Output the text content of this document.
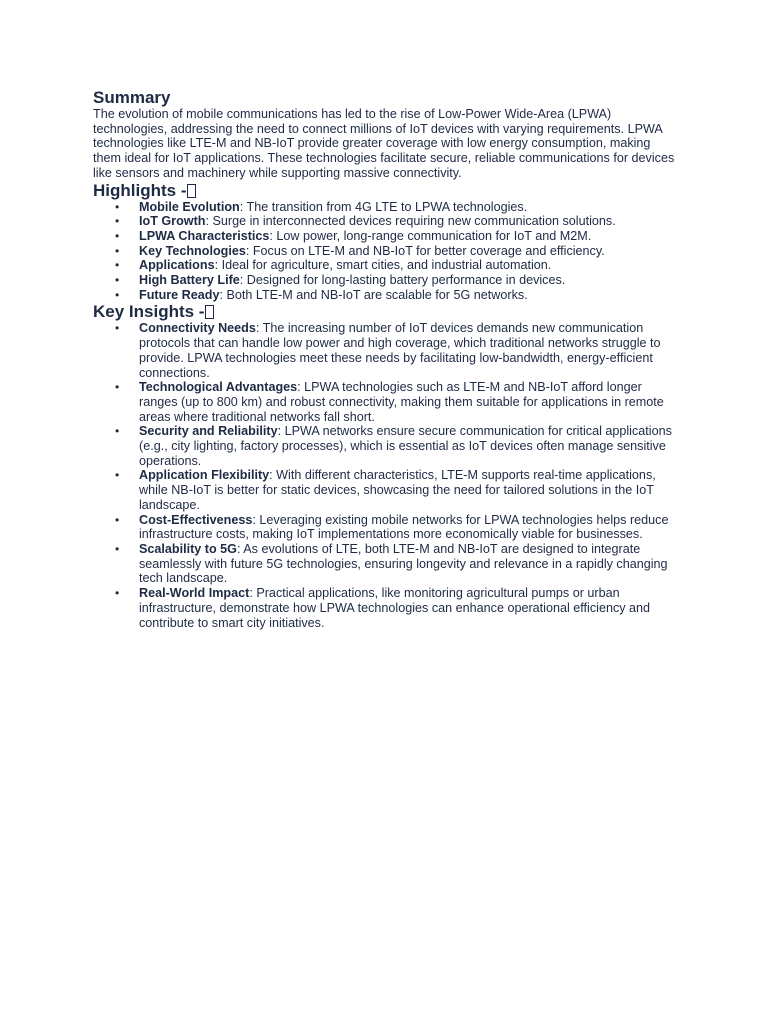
Summary

The evolution of mobile communications has led to the rise of Low-Power Wide-Area (LPWA) technologies, addressing the need to connect millions of IoT devices with varying requirements. LPWA technologies like LTE-M and NB-IoT provide greater coverage with low energy consumption, making them ideal for IoT applications. These technologies facilitate secure, reliable communications for devices like sensors and machinery while supporting massive connectivity.

Highlights -
• Mobile Evolution: The transition from 4G LTE to LPWA technologies.
• IoT Growth: Surge in interconnected devices requiring new communication solutions.
• LPWA Characteristics: Low power, long-range communication for IoT and M2M.
• Key Technologies: Focus on LTE-M and NB-IoT for better coverage and efficiency.
• Applications: Ideal for agriculture, smart cities, and industrial automation.
• High Battery Life: Designed for long-lasting battery performance in devices.
• Future Ready: Both LTE-M and NB-IoT are scalable for 5G networks.
Key Insights -
• Connectivity Needs: The increasing number of IoT devices demands new communication protocols that can handle low power and high coverage, which traditional networks struggle to provide. LPWA technologies meet these needs by facilitating low-bandwidth, energy-efficient connections.
• Technological Advantages: LPWA technologies such as LTE-M and NB-IoT afford longer ranges (up to 800 km) and robust connectivity, making them suitable for applications in remote areas where traditional networks fall short.
• Security and Reliability: LPWA networks ensure secure communication for critical applications (e.g., city lighting, factory processes), which is essential as IoT devices often manage sensitive operations.
• Application Flexibility: With different characteristics, LTE-M supports real-time applications, while NB-IoT is better for static devices, showcasing the need for tailored solutions in the IoT landscape.
• Cost-Effectiveness: Leveraging existing mobile networks for LPWA technologies helps reduce infrastructure costs, making IoT implementations more economically viable for businesses.
• Scalability to 5G: As evolutions of LTE, both LTE-M and NB-IoT are designed to integrate seamlessly with future 5G technologies, ensuring longevity and relevance in a rapidly changing tech landscape.
• Real-World Impact: Practical applications, like monitoring agricultural pumps or urban infrastructure, demonstrate how LPWA technologies can enhance operational efficiency and contribute to smart city initiatives.
